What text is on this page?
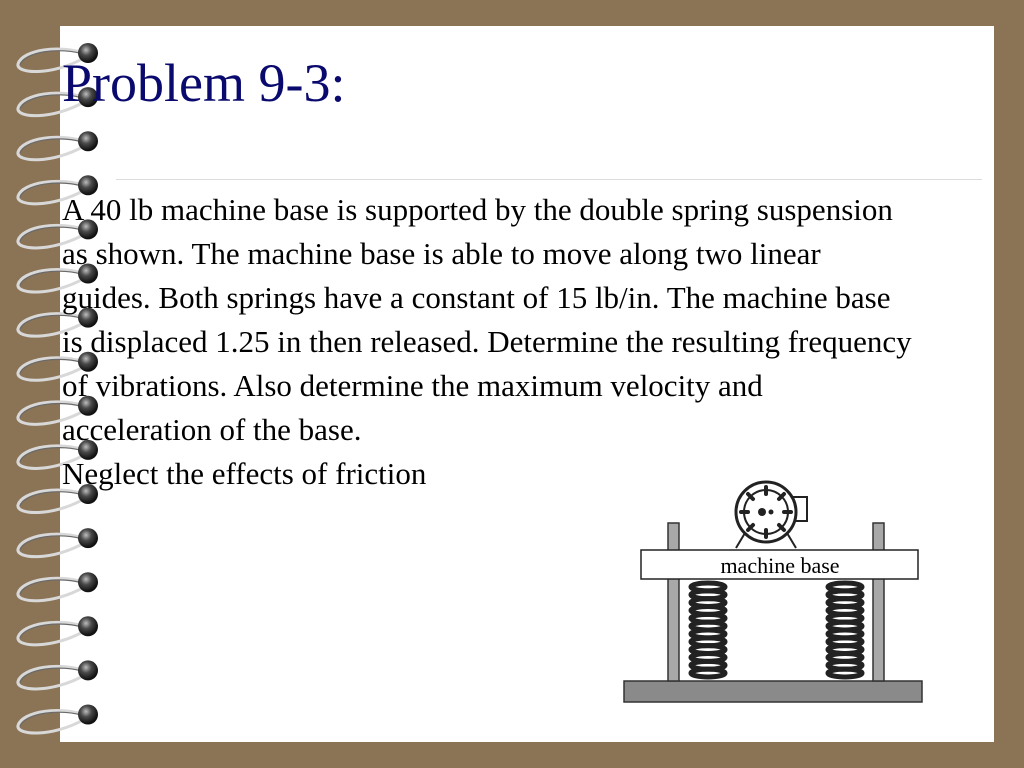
Problem 9-3:

A 40 lb machine base is supported by the double spring suspension as shown. The machine base is able to move along two linear guides. Both springs have a constant of 15 lb/in. The machine base is displaced 1.25 in then released. Determine the resulting frequency of vibrations. Also determine the maximum velocity and acceleration of the base.

Neglect the effects of friction

machine base
